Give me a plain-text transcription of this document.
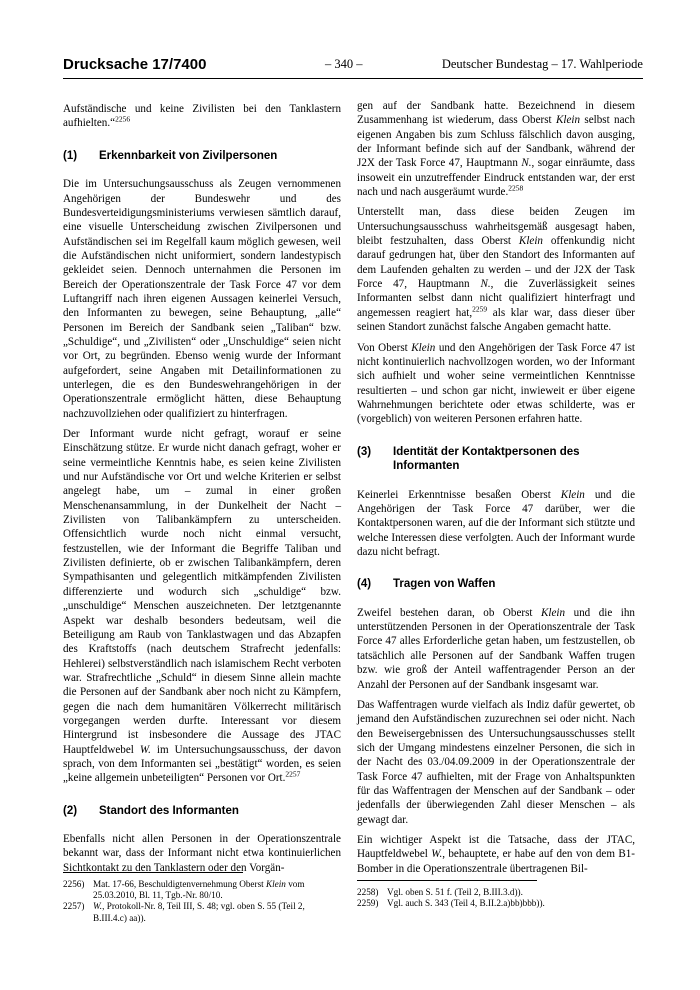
Drucksache 17/7400	– 340 –	Deutscher Bundestag – 17. Wahlperiode

Aufständische und keine Zivilisten bei den Tanklastern aufhielten.“$^{2256}$

(1)	Erkennbarkeit von Zivilpersonen

Die im Untersuchungsausschuss als Zeugen vernommenen Angehörigen der Bundeswehr und des Bundesverteidigungsministeriums verwiesen sämtlich darauf, eine visuelle Unterscheidung zwischen Zivilpersonen und Aufständischen sei im Regelfall kaum möglich gewesen, weil die Aufständischen nicht uniformiert, sondern landestypisch gekleidet seien. Dennoch unternahmen die Personen im Bereich der Operationszentrale der Task Force 47 vor dem Luftangriff nach ihren eigenen Aussagen keinerlei Versuch, den Informanten zu bewegen, seine Behauptung, „alle“ Personen im Bereich der Sandbank seien „Taliban“ bzw. „Schuldige“, und „Zivilisten“ oder „Unschuldige“ seien nicht vor Ort, zu begründen. Ebenso wenig wurde der Informant aufgefordert, seine Angaben mit Detailinformationen zu unterlegen, die es den Bundeswehrangehörigen in der Operationszentrale ermöglicht hätten, diese Behauptung nachzuvollziehen oder qualifiziert zu hinterfragen.

Der Informant wurde nicht gefragt, worauf er seine Einschätzung stütze. Er wurde nicht danach gefragt, woher er seine vermeintliche Kenntnis habe, es seien keine Zivilisten und nur Aufständische vor Ort und welche Kriterien er selbst angelegt habe, um – zumal in einer großen Menschenansammlung, in der Dunkelheit der Nacht – Zivilisten von Talibankämpfern zu unterscheiden. Offensichtlich wurde noch nicht einmal versucht, festzustellen, wie der Informant die Begriffe Taliban und Zivilisten definierte, ob er zwischen Talibankämpfern, deren Sympathisanten und gelegentlich mitkämpfenden Zivilisten differenzierte und wodurch sich „schuldige“ bzw. „unschuldige“ Menschen auszeichneten. Der letztgenannte Aspekt war deshalb besonders bedeutsam, weil die Beteiligung am Raub von Tanklastwagen und das Abzapfen des Kraftstoffs (nach deutschem Strafrecht jedenfalls: Hehlerei) selbstverständlich nach islamischem Recht verboten war. Strafrechtliche „Schuld“ in diesem Sinne allein machte die Personen auf der Sandbank aber noch nicht zu Kämpfern, gegen die nach dem humanitären Völkerrecht militärisch vorgegangen werden durfte. Interessant vor diesem Hintergrund ist insbesondere die Aussage des JTAC Hauptfeldwebel W. im Untersuchungsausschuss, der davon sprach, von dem Informanten sei „bestätigt“ worden, es seien „keine allgemein unbeteiligten“ Personen vor Ort.$^{2257}$

(2)	Standort des Informanten

Ebenfalls nicht allen Personen in der Operationszentrale bekannt war, dass der Informant nicht etwa kontinuierlichen Sichtkontakt zu den Tanklastern oder den Vorgän-

gen auf der Sandbank hatte. Bezeichnend in diesem Zusammenhang ist wiederum, dass Oberst Klein selbst nach eigenen Angaben bis zum Schluss fälschlich davon ausging, der Informant befinde sich auf der Sandbank, während der J2X der Task Force 47, Hauptmann N., sogar einräumte, dass insoweit ein unzutreffender Eindruck entstanden war, der erst nach und nach ausgeräumt wurde.$^{2258}$

Unterstellt man, dass diese beiden Zeugen im Untersuchungsausschuss wahrheitsgemäß ausgesagt haben, bleibt festzuhalten, dass Oberst Klein offenkundig nicht darauf gedrungen hat, über den Standort des Informanten auf dem Laufenden gehalten zu werden – und der J2X der Task Force 47, Hauptmann N., die Zuverlässigkeit seines Informanten selbst dann nicht qualifiziert hinterfragt und angemessen reagiert hat,$^{2259}$ als klar war, dass dieser über seinen Standort zunächst falsche Angaben gemacht hatte.

Von Oberst Klein und den Angehörigen der Task Force 47 ist nicht kontinuierlich nachvollzogen worden, wo der Informant sich aufhielt und woher seine vermeintlichen Kenntnisse resultierten – und schon gar nicht, inwieweit er über eigene Wahrnehmungen berichtete oder etwas schilderte, was er (vorgeblich) von weiteren Personen erfahren hatte.

(3)	Identität der Kontaktpersonen des Informanten

Keinerlei Erkenntnisse besaßen Oberst Klein und die Angehörigen der Task Force 47 darüber, wer die Kontaktpersonen waren, auf die der Informant sich stützte und welche Interessen diese verfolgten. Auch der Informant wurde dazu nicht befragt.

(4)	Tragen von Waffen

Zweifel bestehen daran, ob Oberst Klein und die ihn unterstützenden Personen in der Operationszentrale der Task Force 47 alles Erforderliche getan haben, um festzustellen, ob tatsächlich alle Personen auf der Sandbank Waffen trugen bzw. wie groß der Anteil waffentragender Person an der Anzahl der Personen auf der Sandbank insgesamt war.

Das Waffentragen wurde vielfach als Indiz dafür gewertet, ob jemand den Aufständischen zuzurechnen sei oder nicht. Nach den Beweisergebnissen des Untersuchungsausschusses stellt sich der Umgang mindestens einzelner Personen, die sich in der Nacht des 03./04.09.2009 in der Operationszentrale der Task Force 47 aufhielten, mit der Frage von Anhaltspunkten für das Waffentragen der Menschen auf der Sandbank – oder jedenfalls der überwiegenden Zahl dieser Menschen – als gewagt dar.

Ein wichtiger Aspekt ist die Tatsache, dass der JTAC, Hauptfeldwebel W., behauptete, er habe auf den von dem B1-Bomber in die Operationszentrale übertragenen Bil-

2256) Mat. 17-66, Beschuldigtenvernehmung Oberst Klein vom 25.03.2010, Bl. 11, Tgb.-Nr. 80/10.
2257) W., Protokoll-Nr. 8, Teil III, S. 48; vgl. oben S. 55 (Teil 2, B.III.4.c) aa)).
2258) Vgl. oben S. 51 f. (Teil 2, B.III.3.d)).
2259) Vgl. auch S. 343 (Teil 4, B.II.2.a)bb)bbb)).
